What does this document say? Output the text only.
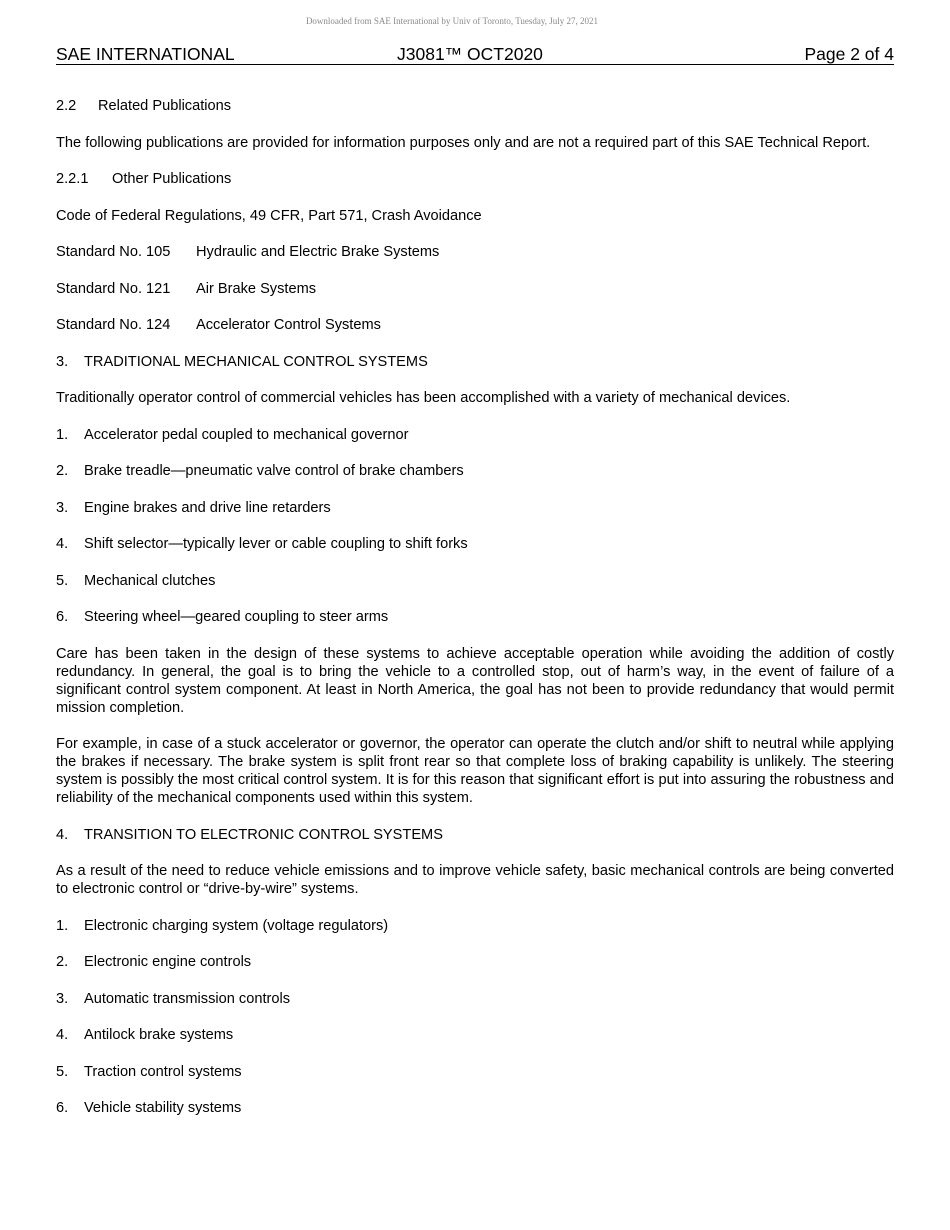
Downloaded from SAE International by Univ of Toronto, Tuesday, July 27, 2021
SAE INTERNATIONAL	J3081™ OCT2020	Page 2 of 4

2.2	Related Publications

The following publications are provided for information purposes only and are not a required part of this SAE Technical Report.

2.2.1	Other Publications

Code of Federal Regulations, 49 CFR, Part 571, Crash Avoidance

Standard No. 105 Hydraulic and Electric Brake Systems

Standard No. 121 Air Brake Systems

Standard No. 124 Accelerator Control Systems

3.	TRADITIONAL MECHANICAL CONTROL SYSTEMS

Traditionally operator control of commercial vehicles has been accomplished with a variety of mechanical devices.

1.	Accelerator pedal coupled to mechanical governor

2.	Brake treadle—pneumatic valve control of brake chambers

3.	Engine brakes and drive line retarders

4.	Shift selector—typically lever or cable coupling to shift forks

5.	Mechanical clutches

6.	Steering wheel—geared coupling to steer arms

Care has been taken in the design of these systems to achieve acceptable operation while avoiding the addition of costly redundancy. In general, the goal is to bring the vehicle to a controlled stop, out of harm’s way, in the event of failure of a significant control system component. At least in North America, the goal has not been to provide redundancy that would permit mission completion.

For example, in case of a stuck accelerator or governor, the operator can operate the clutch and/or shift to neutral while applying the brakes if necessary. The brake system is split front rear so that complete loss of braking capability is unlikely. The steering system is possibly the most critical control system. It is for this reason that significant effort is put into assuring the robustness and reliability of the mechanical components used within this system.

4.	TRANSITION TO ELECTRONIC CONTROL SYSTEMS

As a result of the need to reduce vehicle emissions and to improve vehicle safety, basic mechanical controls are being converted to electronic control or “drive-by-wire” systems.

1.	Electronic charging system (voltage regulators)

2.	Electronic engine controls

3.	Automatic transmission controls

4.	Antilock brake systems

5.	Traction control systems

6.	Vehicle stability systems
